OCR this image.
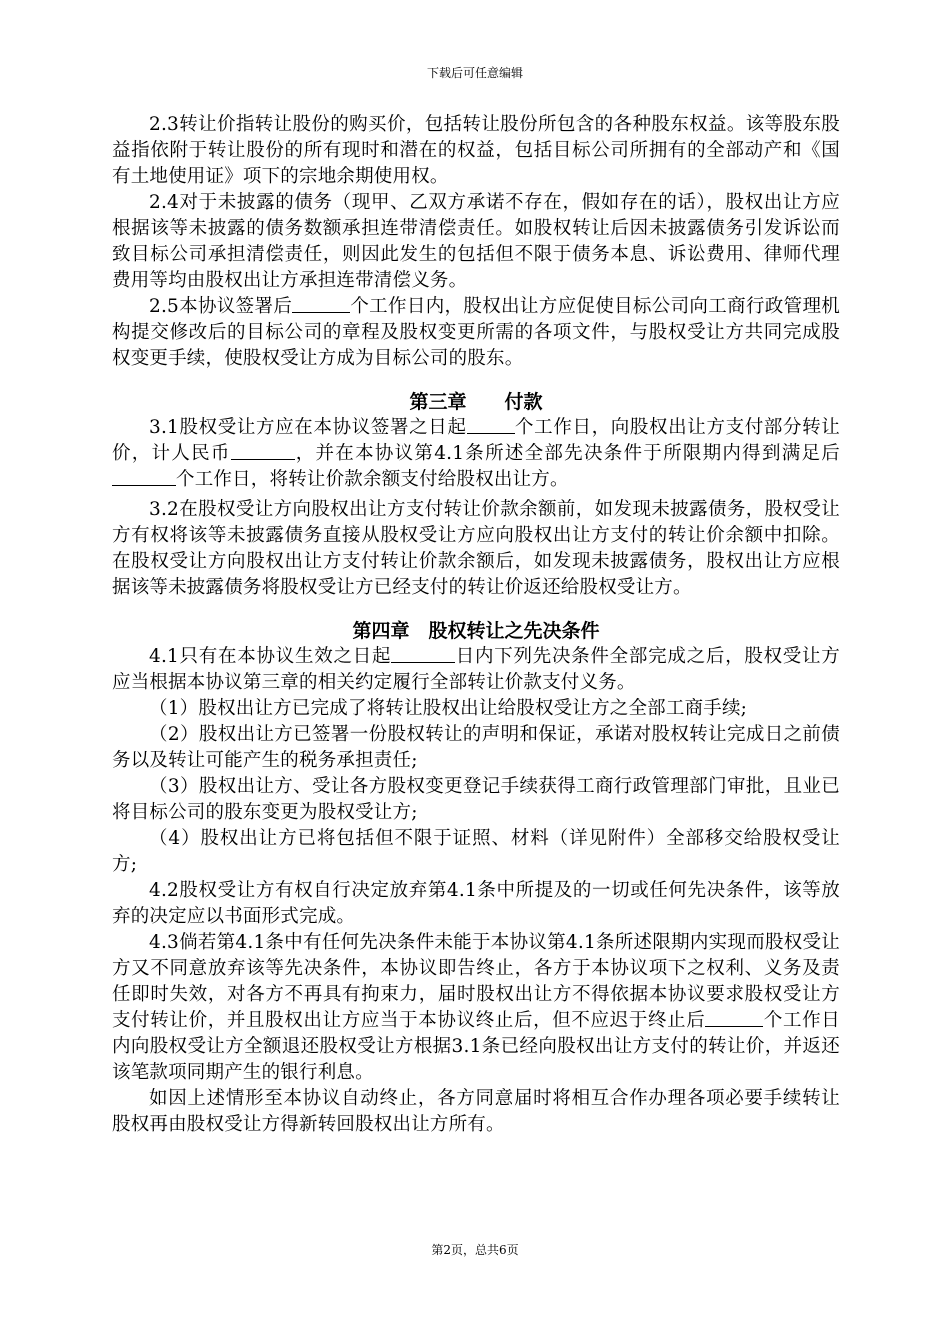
下载后可任意编辑

2.3转让价指转让股份的购买价，包括转让股份所包含的各种股东权益。该等股东股益指依附于转让股份的所有现时和潜在的权益，包括目标公司所拥有的全部动产和《国有土地使用证》项下的宗地余期使用权。

2.4对于未披露的债务（现甲、乙双方承诺不存在，假如存在的话），股权出让方应根据该等未披露的债务数额承担连带清偿责任。如股权转让后因未披露债务引发诉讼而致目标公司承担清偿责任，则因此发生的包括但不限于债务本息、诉讼费用、律师代理费用等均由股权出让方承担连带清偿义务。

2.5本协议签署后	个工作日内，股权出让方应促使目标公司向工商行政管理机构提交修改后的目标公司的章程及股权变更所需的各项文件，与股权受让方共同完成股权变更手续，使股权受让方成为目标公司的股东。

第三章　　付款

3.1股权受让方应在本协议签署之日起	个工作日，向股权出让方支付部分转让价，计人民币	，并在本协议第4.1条所述全部先决条件于所限期内得到满足后个工作日，将转让价款余额支付给股权出让方。

3.2在股权受让方向股权出让方支付转让价款余额前，如发现未披露债务，股权受让方有权将该等未披露债务直接从股权受让方应向股权出让方支付的转让价余额中扣除。在股权受让方向股权出让方支付转让价款余额后，如发现未披露债务，股权出让方应根据该等未披露债务将股权受让方已经支付的转让价返还给股权受让方。

第四章　股权转让之先决条件

4.1只有在本协议生效之日起	日内下列先决条件全部完成之后，股权受让方应当根据本协议第三章的相关约定履行全部转让价款支付义务。

（1）股权出让方已完成了将转让股权出让给股权受让方之全部工商手续;

（2）股权出让方已签署一份股权转让的声明和保证，承诺对股权转让完成日之前债务以及转让可能产生的税务承担责任;

（3）股权出让方、受让各方股权变更登记手续获得工商行政管理部门审批，且业已将目标公司的股东变更为股权受让方;

（4）股权出让方已将包括但不限于证照、材料（详见附件）全部移交给股权受让方;

4.2股权受让方有权自行决定放弃第4.1条中所提及的一切或任何先决条件，该等放弃的决定应以书面形式完成。

4.3倘若第4.1条中有任何先决条件未能于本协议第4.1条所述限期内实现而股权受让方又不同意放弃该等先决条件，本协议即告终止，各方于本协议项下之权利、义务及责任即时失效，对各方不再具有拘束力，届时股权出让方不得依据本协议要求股权受让方支付转让价，并且股权出让方应当于本协议终止后，但不应迟于终止后	个工作日内向股权受让方全额退还股权受让方根据3.1条已经向股权出让方支付的转让价，并返还该笔款项同期产生的银行利息。

如因上述情形至本协议自动终止，各方同意届时将相互合作办理各项必要手续转让股权再由股权受让方得新转回股权出让方所有。

第2页，总共6页
